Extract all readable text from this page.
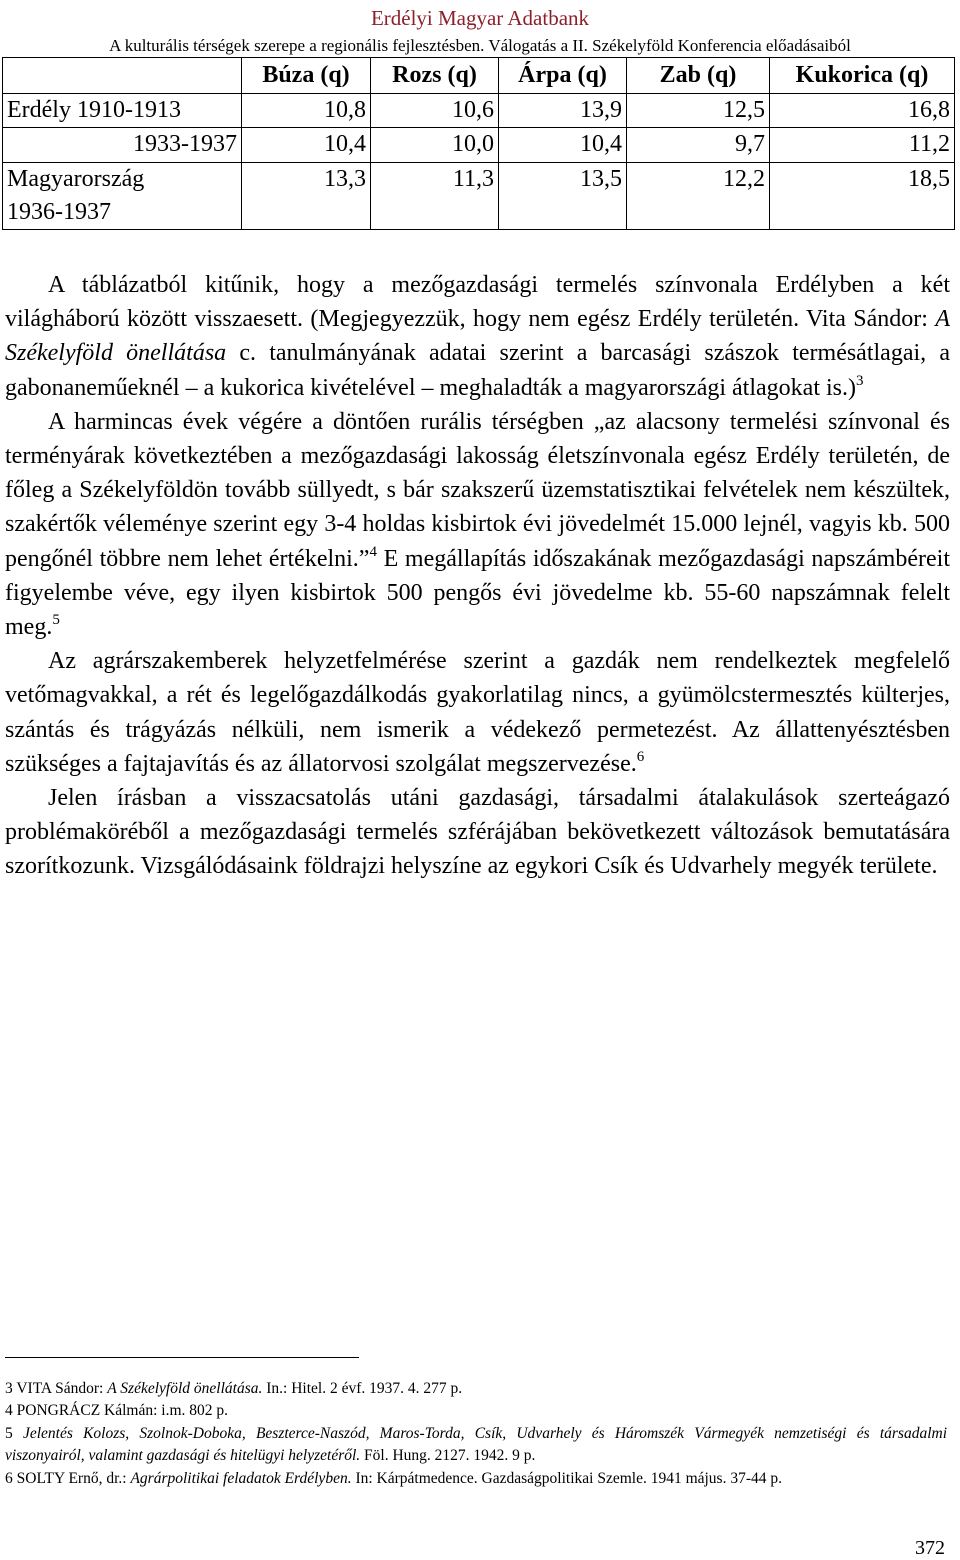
Erdélyi Magyar Adatbank
A kulturális térségek szerepe a regionális fejlesztésben. Válogatás a II. Székelyföld Konferencia előadásaiból
	Búza (q)	Rozs (q)	Árpa (q)	Zab (q)	Kukorica (q)
Erdély 1910-1913	10,8	10,6	13,9	12,5	16,8

1933-1937	10,4	10,0	10,4	9,7	11,2

Magyarország
1936-1937	13,3	11,3	13,5	12,2	18,5

A táblázatból kitűnik, hogy a mezőgazdasági termelés színvonala Erdélyben a két világháború között visszaesett. (Megjegyezzük, hogy nem egész Erdély területén. Vita Sándor: A Székelyföld önellátása c. tanulmányának adatai szerint a barcasági szászok termésátlagai, a gabonaneműeknél – a kukorica kivételével – meghaladták a magyarországi átlagokat is.)$^3$

A harmincas évek végére a döntően rurális térségben „az alacsony termelési színvonal és terményárak következtében a mezőgazdasági lakosság életszínvonala egész Erdély területén, de főleg a Székelyföldön tovább süllyedt, s bár szakszerű üzemstatisztikai felvételek nem készültek, szakértők véleménye szerint egy 3-4 holdas kisbirtok évi jövedelmét 15.000 lejnél, vagyis kb. 500 pengőnél többre nem lehet értékelni.”$^4$ E megállapítás időszakának mezőgazdasági napszámbéreit figyelembe véve, egy ilyen kisbirtok 500 pengős évi jövedelme kb. 55-60 napszámnak felelt meg.$^5$

Az agrárszakemberek helyzetfelmérése szerint a gazdák nem rendelkeztek megfelelő vetőmagvakkal, a rét és legelőgazdálkodás gyakorlatilag nincs, a gyümölcstermesztés külterjes, szántás és trágyázás nélküli, nem ismerik a védekező permetezést. Az állattenyésztésben szükséges a fajtajavítás és az állatorvosi szolgálat megszervezése.$^6$

Jelen írásban a visszacsatolás utáni gazdasági, társadalmi átalakulások szerteágazó problémaköréből a mezőgazdasági termelés szférájában bekövetkezett változások bemutatására szorítkozunk. Vizsgálódásaink földrajzi helyszíne az egykori Csík és Udvarhely megyék területe.

3 VITA Sándor: A Székelyföld önellátása. In.: Hitel. 2 évf. 1937. 4. 277 p.

4 PONGRÁCZ Kálmán: i.m. 802 p.

5 Jelentés Kolozs, Szolnok-Doboka, Beszterce-Naszód, Maros-Torda, Csík, Udvarhely és Háromszék Vármegyék nemzetiségi és társadalmi viszonyairól, valamint gazdasági és hitelügyi helyzetéről. Föl. Hung. 2127. 1942. 9 p.

6 SOLTY Ernő, dr.: Agrárpolitikai feladatok Erdélyben. In: Kárpátmedence. Gazdaságpolitikai Szemle. 1941 május. 37-44 p.

372
